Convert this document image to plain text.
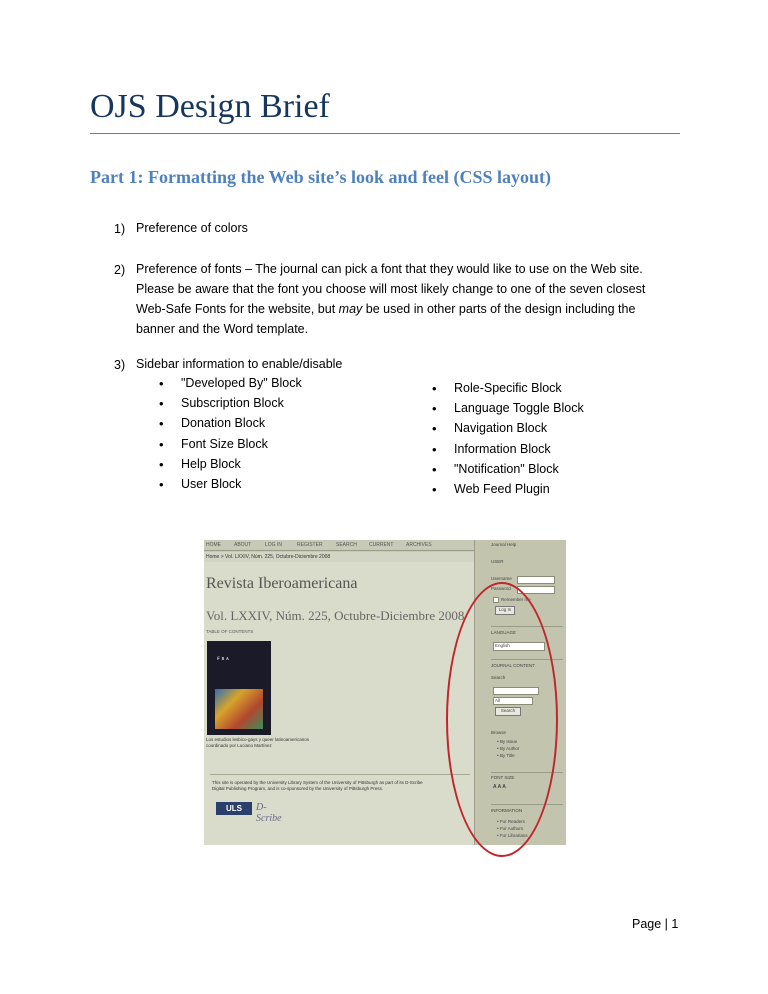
OJS Design Brief
Part 1: Formatting the Web site’s look and feel (CSS layout)
1) Preference of colors
2) Preference of fonts – The journal can pick a font that they would like to use on the Web site.
Please be aware that the font you choose will most likely change to one of the seven closest
Web-Safe Fonts for the website, but may be used in other parts of the design including the
banner and the Word template.
3) Sidebar information to enable/disable
• "Developed By" Block
• Subscription Block
• Donation Block
• Font Size Block
• Help Block
• User Block
• Role-Specific Block
• Language Toggle Block
• Navigation Block
• Information Block
• "Notification" Block
• Web Feed Plugin
HOME	ABOUT	LOG IN	REGISTER	SEARCH CURRENT	ARCHIVES
Home > Vol. LXXIV, Núm. 225, Octubre-Diciembre 2008
Revista Iberoamericana
Vol. LXXIV, Núm. 225, Octubre-Diciembre 2008
TABLE OF CONTENTS
ꜰ ʀ ᴀ
Los estudios lesbico-gays y queer latinoamericanos
coordinado por Luciano Martínez
This site is operated by the University Library System of the University of Pittsburgh as part of its D-Scribe
Digital Publishing Program, and is co-sponsored by the University of Pittsburgh Press.
ULS	D-Scribe
Journal Help
USER
Username
Password
Remember me
Log In
LANGUAGE
English
JOURNAL CONTENT
Search
All
Search
Browse
• By Issue
• By Author
• By Title
FONT SIZE
A A A
INFORMATION
• For Readers
• For Authors
• For Librarians
Page | 1
